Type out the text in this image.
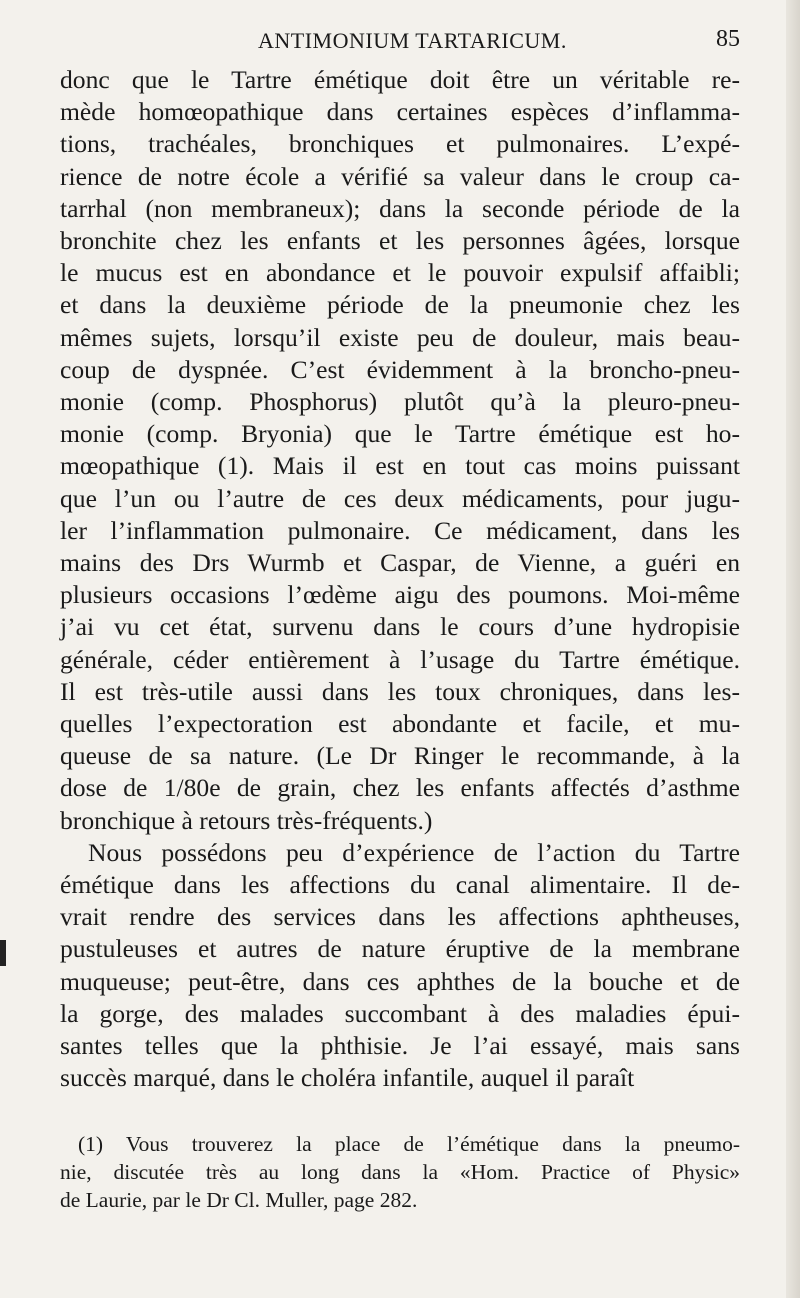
ANTIMONIUM TARTARICUM.	85
donc que le Tartre émétique doit être un véritable re-
mède homœopathique dans certaines espèces d’inflamma-
tions, trachéales, bronchiques et pulmonaires. L’expé-
rience de notre école a vérifié sa valeur dans le croup ca-
tarrhal (non membraneux); dans la seconde période de la
bronchite chez les enfants et les personnes âgées, lorsque
le mucus est en abondance et le pouvoir expulsif affaibli;
et dans la deuxième période de la pneumonie chez les
mêmes sujets, lorsqu’il existe peu de douleur, mais beau-
coup de dyspnée. C’est évidemment à la broncho-pneu-
monie (comp. Phosphorus) plutôt qu’à la pleuro-pneu-
monie (comp. Bryonia) que le Tartre émétique est ho-
mœopathique (1). Mais il est en tout cas moins puissant
que l’un ou l’autre de ces deux médicaments, pour jugu-
ler l’inflammation pulmonaire. Ce médicament, dans les
mains des Drs Wurmb et Caspar, de Vienne, a guéri en
plusieurs occasions l’œdème aigu des poumons. Moi-même
j’ai vu cet état, survenu dans le cours d’une hydropisie
générale, céder entièrement à l’usage du Tartre émétique.
Il est très-utile aussi dans les toux chroniques, dans les-
quelles l’expectoration est abondante et facile, et mu-
queuse de sa nature. (Le Dr Ringer le recommande, à la
dose de 1/80e de grain, chez les enfants affectés d’asthme
bronchique à retours très-fréquents.)
Nous possédons peu d’expérience de l’action du Tartre
émétique dans les affections du canal alimentaire. Il de-
vrait rendre des services dans les affections aphtheuses,
pustuleuses et autres de nature éruptive de la membrane
muqueuse; peut-être, dans ces aphthes de la bouche et de
la gorge, des malades succombant à des maladies épui-
santes telles que la phthisie. Je l’ai essayé, mais sans
succès marqué, dans le choléra infantile, auquel il paraît
(1) Vous trouverez la place de l’émétique dans la pneumo-
nie, discutée très au long dans la «Hom. Practice of Physic»
de Laurie, par le Dr Cl. Muller, page 282.
